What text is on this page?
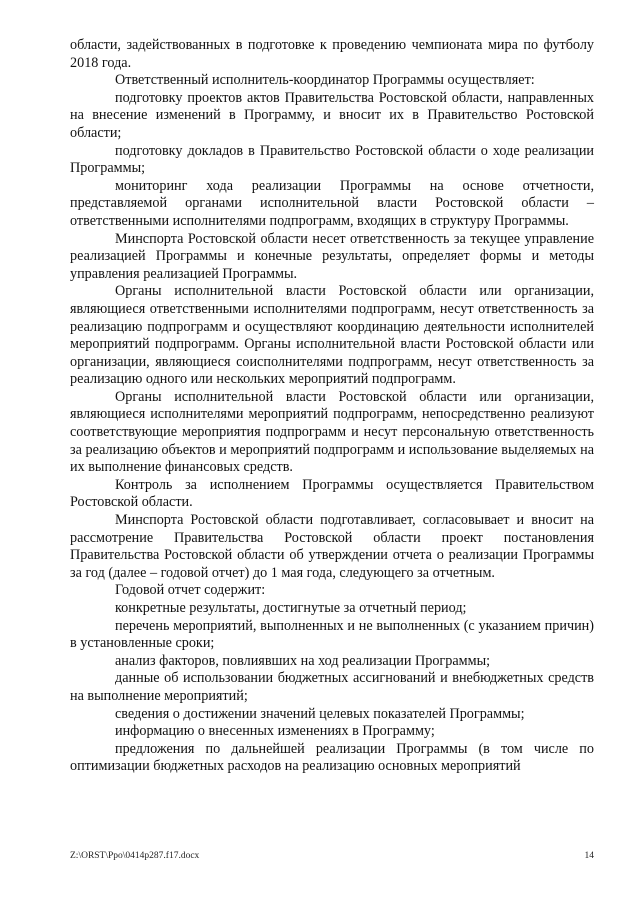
области, задействованных в подготовке к проведению чемпионата мира по футболу 2018 года.

Ответственный исполнитель-координатор Программы осуществляет:

подготовку проектов актов Правительства Ростовской области, направленных на внесение изменений в Программу, и вносит их в Правительство Ростовской области;

подготовку докладов в Правительство Ростовской области о ходе реализации Программы;

мониторинг хода реализации Программы на основе отчетности, представляемой органами исполнительной власти Ростовской области – ответственными исполнителями подпрограмм, входящих в структуру Программы.

Минспорта Ростовской области несет ответственность за текущее управление реализацией Программы и конечные результаты, определяет формы и методы управления реализацией Программы.

Органы исполнительной власти Ростовской области или организации, являющиеся ответственными исполнителями подпрограмм, несут ответственность за реализацию подпрограмм и осуществляют координацию деятельности исполнителей мероприятий подпрограмм. Органы исполнительной власти Ростовской области или организации, являющиеся соисполнителями подпрограмм, несут ответственность за реализацию одного или нескольких мероприятий подпрограмм.

Органы исполнительной власти Ростовской области или организации, являющиеся исполнителями мероприятий подпрограмм, непосредственно реализуют соответствующие мероприятия подпрограмм и несут персональную ответственность за реализацию объектов и мероприятий подпрограмм и использование выделяемых на их выполнение финансовых средств.

Контроль за исполнением Программы осуществляется Правительством Ростовской области.

Минспорта Ростовской области подготавливает, согласовывает и вносит на рассмотрение Правительства Ростовской области проект постановления Правительства Ростовской области об утверждении отчета о реализации Программы за год (далее – годовой отчет) до 1 мая года, следующего за отчетным.

Годовой отчет содержит:

конкретные результаты, достигнутые за отчетный период;

перечень мероприятий, выполненных и не выполненных (с указанием причин) в установленные сроки;

анализ факторов, повлиявших на ход реализации Программы;

данные об использовании бюджетных ассигнований и внебюджетных средств на выполнение мероприятий;

сведения о достижении значений целевых показателей Программы;

информацию о внесенных изменениях в Программу;

предложения по дальнейшей реализации Программы (в том числе по оптимизации бюджетных расходов на реализацию основных мероприятий

Z:\ORST\Ppo\0414p287.f17.docx	14
